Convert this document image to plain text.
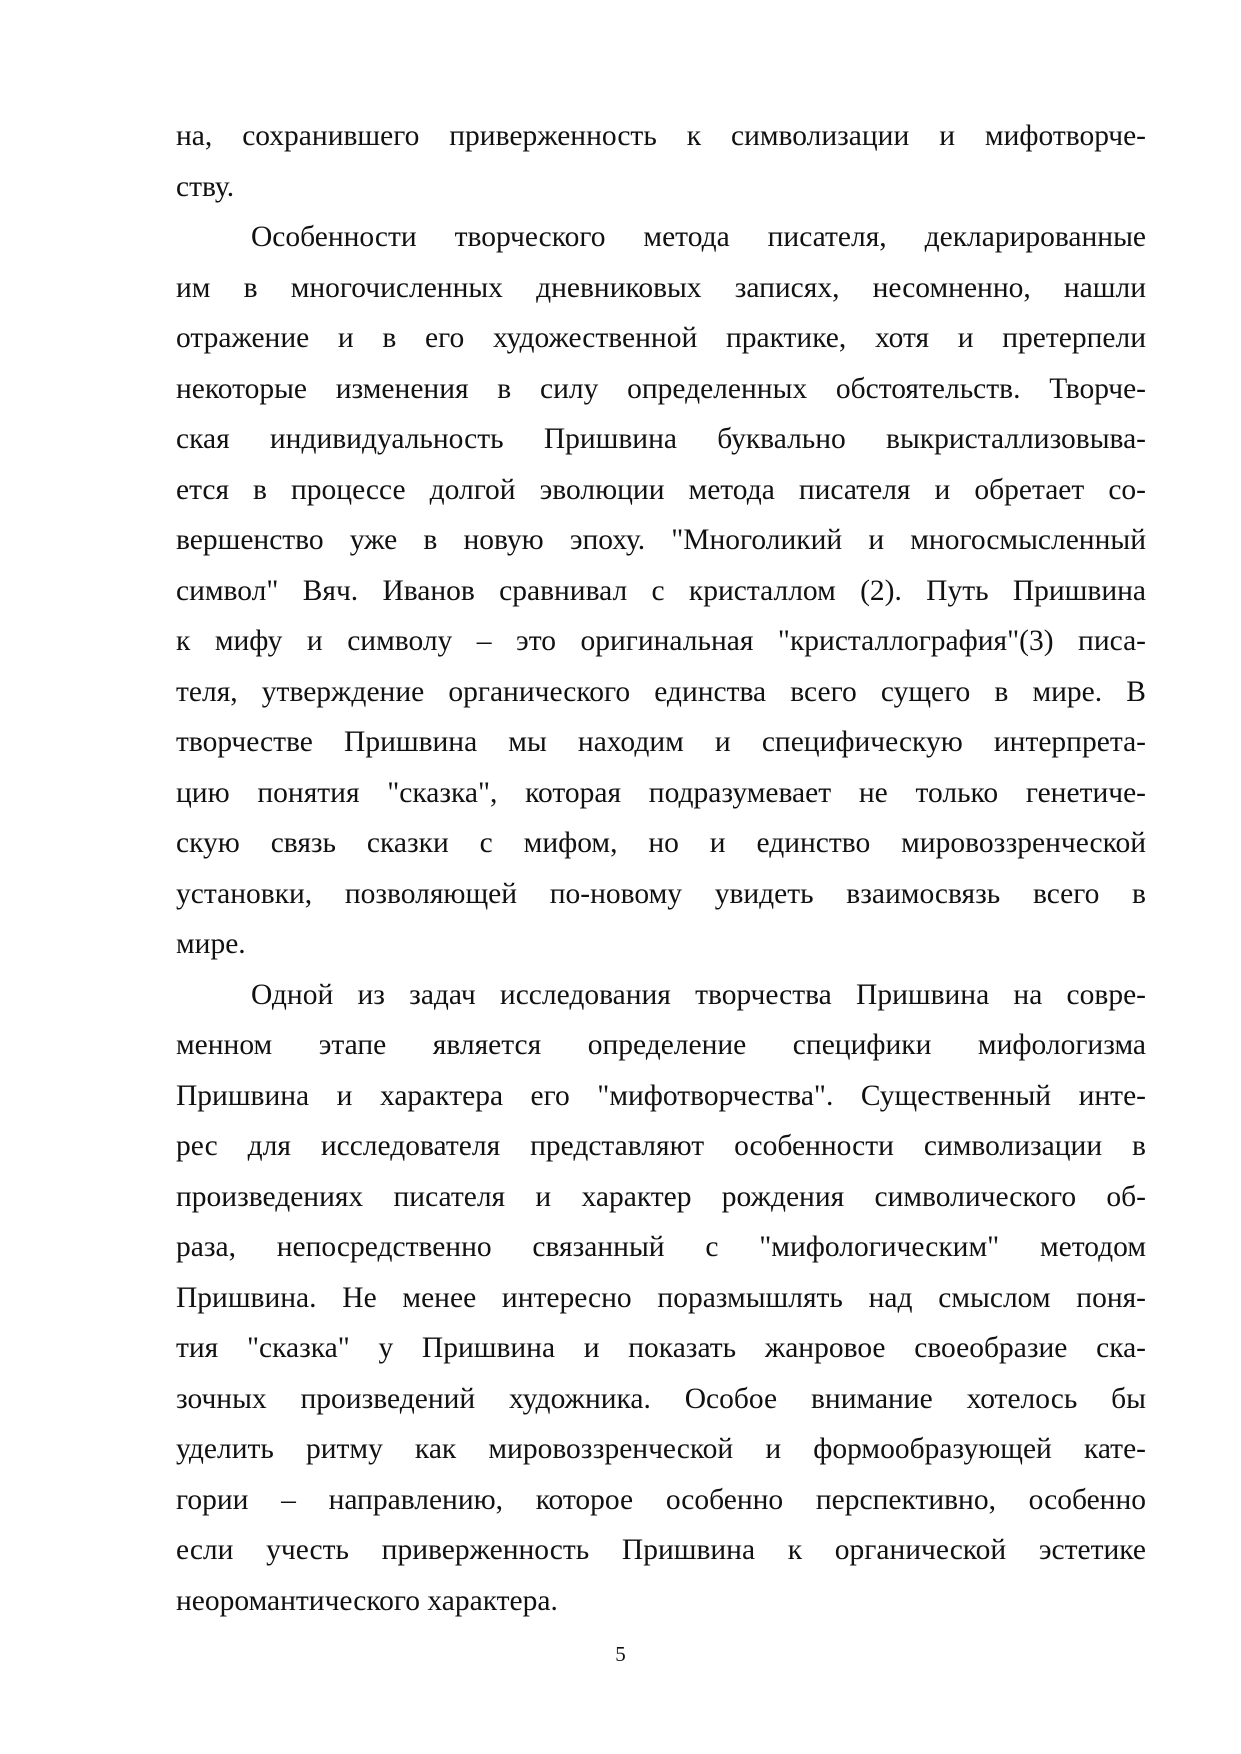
на, сохранившего приверженность к символизации и мифотворче-
ству.
Особенности творческого метода писателя, декларированные
им в многочисленных дневниковых записях, несомненно, нашли
отражение и в его художественной практике, хотя и претерпели
некоторые изменения в силу определенных обстоятельств. Творче-
ская индивидуальность Пришвина буквально выкристаллизовыва-
ется в процессе долгой эволюции метода писателя и обретает со-
вершенство уже в новую эпоху. "Многоликий и многосмысленный
символ" Вяч. Иванов сравнивал с кристаллом (2). Путь Пришвина
к мифу и символу – это оригинальная "кристаллография"(3) писа-
теля, утверждение органического единства всего сущего в мире. В
творчестве Пришвина мы находим и специфическую интерпрета-
цию понятия "сказка", которая подразумевает не только генетиче-
скую связь сказки с мифом, но и единство мировоззренческой
установки, позволяющей по-новому увидеть взаимосвязь всего в
мире.
Одной из задач исследования творчества Пришвина на совре-
менном этапе является определение специфики мифологизма
Пришвина и характера его "мифотворчества". Существенный инте-
рес для исследователя представляют особенности символизации в
произведениях писателя и характер рождения символического об-
раза, непосредственно связанный с "мифологическим" методом
Пришвина. Не менее интересно поразмышлять над смыслом поня-
тия "сказка" у Пришвина и показать жанровое своеобразие ска-
зочных произведений художника. Особое внимание хотелось бы
уделить ритму как мировоззренческой и формообразующей кате-
гории – направлению, которое особенно перспективно, особенно
если учесть приверженность Пришвина к органической эстетике
неоромантического характера.
5
